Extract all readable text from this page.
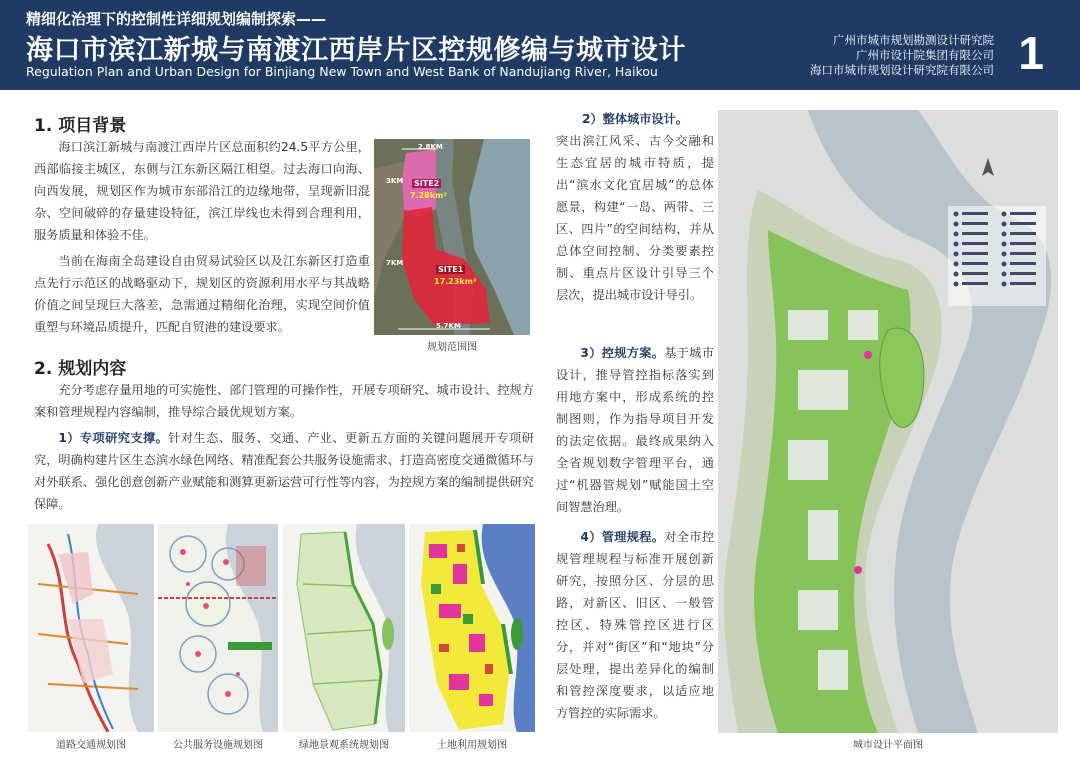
精细化治理下的控制性详细规划编制探索——
海口市滨江新城与南渡江西岸片区控规修编与城市设计
Regulation Plan and Urban Design for Binjiang New Town and West Bank of Nandujiang River, Haikou
广州市城市规划勘测设计研究院
广州市设计院集团有限公司
海口市城市规划设计研究院有限公司 1
1. 项目背景

海口滨江新城与南渡江西岸片区总面积约24.5平方公里，西部临接主城区，东侧与江东新区隔江相望。过去海口向海、向西发展，规划区作为城市东部沿江的边缘地带，呈现新旧混杂、空间破碎的存量建设特征，滨江岸线也未得到合理利用，服务质量和体验不佳。

当前在海南全岛建设自由贸易试验区以及江东新区打造重点先行示范区的战略驱动下，规划区的资源利用水平与其战略价值之间呈现巨大落差，急需通过精细化治理，实现空间价值重塑与环境品质提升，匹配自贸港的建设要求。

2.8KM
3KM
7KM
5.7KM
SITE2
7.28km²
SITE1
17.23km²
规划范围图
2. 规划内容

充分考虑存量用地的可实施性、部门管理的可操作性，开展专项研究、城市设计、控规方案和管理规程内容编制，推导综合最优规划方案。

1）专项研究支撑。针对生态、服务、交通、产业、更新五方面的关键问题展开专项研究，明确构建片区生态滨水绿色网络、精准配套公共服务设施需求、打造高密度交通微循环与对外联系、强化创意创新产业赋能和测算更新运营可行性等内容，为控规方案的编制提供研究保障。

2）整体城市设计。
突出滨江风采、古今交融和生态宜居的城市特质，提出“滨水文化宜居城”的总体愿景，构建“一岛、两带、三区、四片”的空间结构，并从总体空间控制、分类要素控制、重点片区设计引导三个层次，提出城市设计导引。

3）控规方案。基于城市设计，推导管控指标落实到用地方案中，形成系统的控制图则，作为指导项目开发的法定依据。最终成果纳入全省规划数字管理平台，通过“机器管规划”赋能国土空间智慧治理。

4）管理规程。对全市控规管理规程与标准开展创新研究，按照分区、分层的思路，对新区、旧区、一般管控区、特殊管控区进行区分，并对“街区”和“地块”分层处理，提出差异化的编制和管控深度要求，以适应地方管控的实际需求。

道路交通规划图	公共服务设施规划图	绿地景观系统规划图	土地利用规划图	城市设计平面图
